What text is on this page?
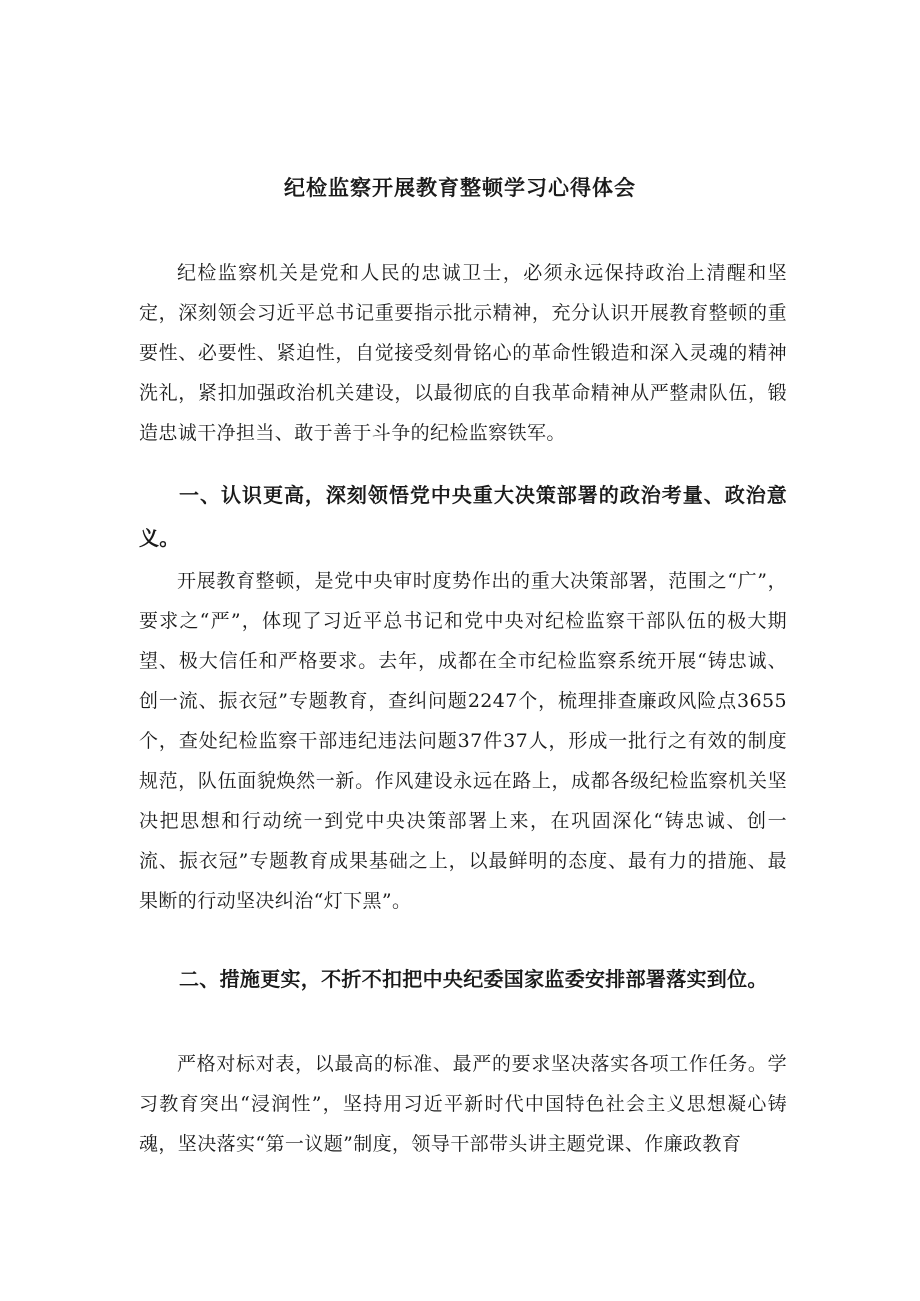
纪检监察开展教育整顿学习心得体会

纪检监察机关是党和人民的忠诚卫士，必须永远保持政治上清醒和坚定，深刻领会习近平总书记重要指示批示精神，充分认识开展教育整顿的重要性、必要性、紧迫性，自觉接受刻骨铭心的革命性锻造和深入灵魂的精神洗礼，紧扣加强政治机关建设，以最彻底的自我革命精神从严整肃队伍，锻造忠诚干净担当、敢于善于斗争的纪检监察铁军。

一、认识更高，深刻领悟党中央重大决策部署的政治考量、政治意义。

开展教育整顿，是党中央审时度势作出的重大决策部署，范围之“广”，要求之“严”，体现了习近平总书记和党中央对纪检监察干部队伍的极大期望、极大信任和严格要求。去年，成都在全市纪检监察系统开展“铸忠诚、创一流、振衣冠”专题教育，查纠问题2247个，梳理排查廉政风险点3655个，查处纪检监察干部违纪违法问题37件37人，形成一批行之有效的制度规范，队伍面貌焕然一新。作风建设永远在路上，成都各级纪检监察机关坚决把思想和行动统一到党中央决策部署上来，在巩固深化“铸忠诚、创一流、振衣冠”专题教育成果基础之上，以最鲜明的态度、最有力的措施、最果断的行动坚决纠治“灯下黑”。

二、措施更实，不折不扣把中央纪委国家监委安排部署落实到位。

严格对标对表，以最高的标准、最严的要求坚决落实各项工作任务。学习教育突出“浸润性”，坚持用习近平新时代中国特色社会主义思想凝心铸魂，坚决落实“第一议题”制度，领导干部带头讲主题党课、作廉政教育
